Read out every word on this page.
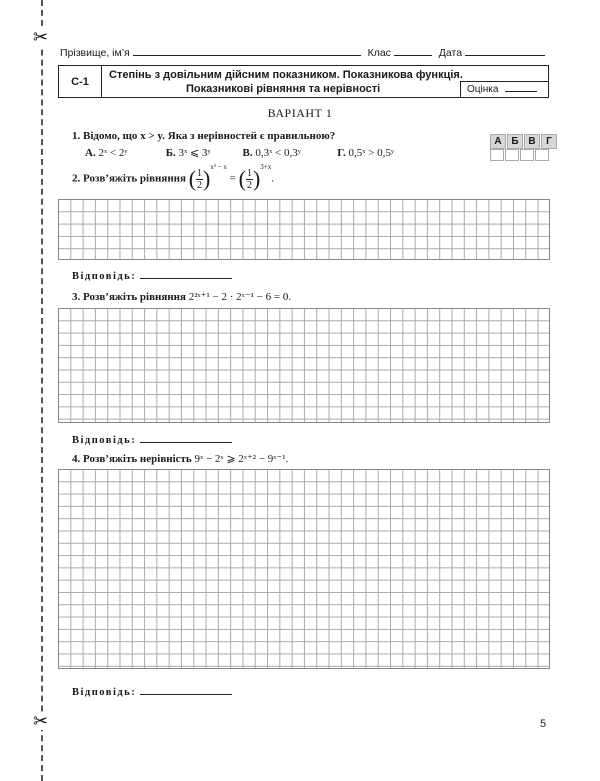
✂
✂
Прізвище, ім’я	Клас	Дата
С-1
Степінь з довільним дійсним показником. Показникова функція.
Показникові рівняння та нерівності	Оцінка
ВАРІАНТ 1
1. Відомо, що x > y. Яка з нерівностей є правильною?
А. 2ˣ < 2ʸ	Б. 3ˣ ⩽ 3ʸ	В. 0,3ˣ < 0,3ʸ	Г. 0,5ˣ > 0,5ʸ
А Б В	Г
2. Розв’яжіть рівняння ( $\frac{1}{2} )^{x^2 - x}$ = ( $\frac{1}{2} )^{3+x}$.
Відповідь:
3. Розв’яжіть рівняння 2²ˣ⁺¹ − 2 · 2ˣ⁻¹ − 6 = 0.
Відповідь:
4. Розв’яжіть нерівність 9ˣ − 2ˣ ⩾ 2ˣ⁺² − 9ˣ⁻¹.
Відповідь:
5
